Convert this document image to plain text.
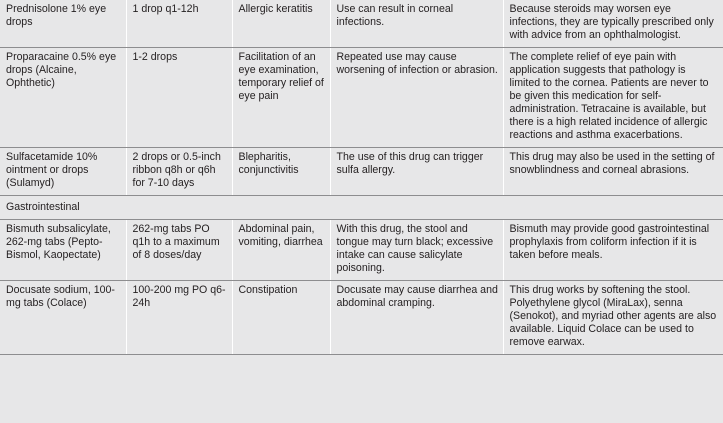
Prednisolone 1% eye drops	1 drop q1-12h	Allergic keratitis	Use can result in corneal infections.	Because steroids may worsen eye infections, they are typically prescribed only with advice from an ophthalmologist.
Proparacaine 0.5% eye drops (Alcaine, Ophthetic)	1-2 drops	Facilitation of an eye examination, temporary relief of eye pain	Repeated use may cause worsening of infection or abrasion.	The complete relief of eye pain with application suggests that pathology is limited to the cornea. Patients are never to be given this medication for self-administration. Tetracaine is available, but there is a high related incidence of allergic reactions and asthma exacerbations.
Sulfacetamide 10% ointment or drops (Sulamyd)	2 drops or 0.5-inch ribbon q8h or q6h for 7-10 days	Blepharitis, conjunctivitis	The use of this drug can trigger sulfa allergy.	This drug may also be used in the setting of snowblindness and corneal abrasions.
Gastrointestinal				
Bismuth subsalicylate, 262-mg tabs (Pepto-Bismol, Kaopectate)	262-mg tabs PO q1h to a maximum of 8 doses/day	Abdominal pain, vomiting, diarrhea	With this drug, the stool and tongue may turn black; excessive intake can cause salicylate poisoning.	Bismuth may provide good gastrointestinal prophylaxis from coliform infection if it is taken before meals.
Docusate sodium, 100-mg tabs (Colace)	100-200 mg PO q6-24h	Constipation	Docusate may cause diarrhea and abdominal cramping.	This drug works by softening the stool. Polyethylene glycol (MiraLax), senna (Senokot), and myriad other agents are also available. Liquid Colace can be used to remove earwax.
